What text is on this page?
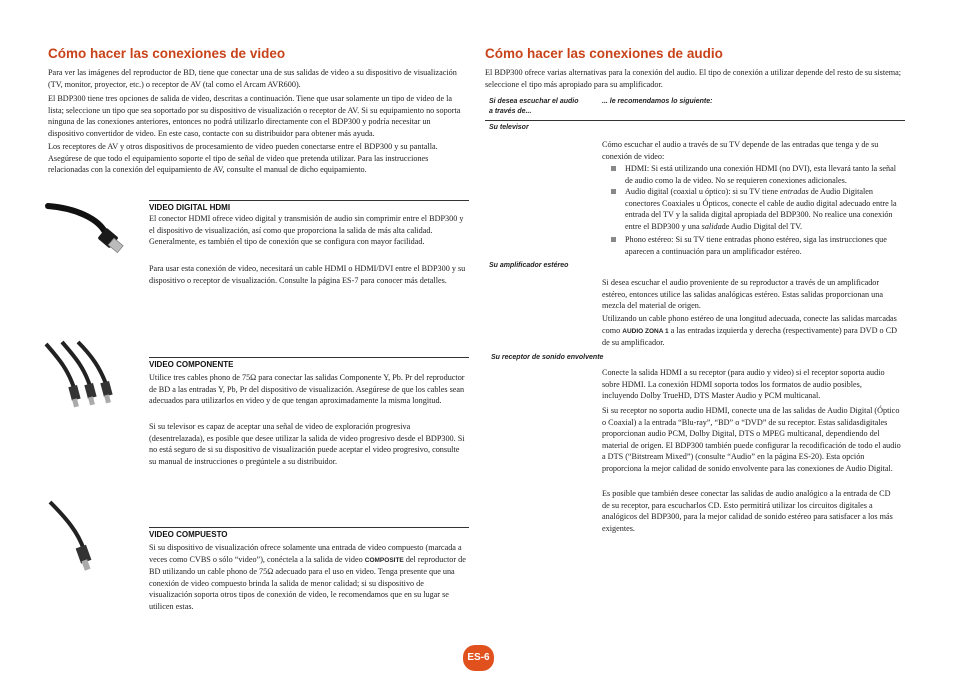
Cómo hacer las conexiones de video

Para ver las imágenes del reproductor de BD, tiene que conectar una de sus salidas de video a su dispositivo de visualización (TV, monitor, proyector, etc.) o receptor de AV (tal como el Arcam AVR600).

El BDP300 tiene tres opciones de salida de video, descritas a continuación. Tiene que usar solamente un tipo de video de la lista; seleccione un tipo que sea soportado por su dispositivo de visualización o receptor de AV. Si su equipamiento no soporta ninguna de las conexiones anteriores, entonces no podrá utilizarlo directamente con el BDP300 y podría necesitar un dispositivo convertidor de video. En este caso, contacte con su distribuidor para obtener más ayuda.

Los receptores de AV y otros dispositivos de procesamiento de video pueden conectarse entre el BDP300 y su pantalla. Asegúrese de que todo el equipamiento soporte el tipo de señal de video que pretenda utilizar. Para las instrucciones relacionadas con la conexión del equipamiento de AV, consulte el manual de dicho equipamiento.

VIDEO DIGITAL HDMI

El conector HDMI ofrece video digital y transmisión de audio sin comprimir entre el BDP300 y el dispositivo de visualización, así como que proporciona la salida de más alta calidad. Generalmente, es también el tipo de conexión que se configura con mayor facilidad.

Para usar esta conexión de video, necesitará un cable HDMI o HDMI/DVI entre el BDP300 y su dispositivo o receptor de visualización. Consulte la página ES-7 para conocer más detalles.

VIDEO COMPONENTE

Utilice tres cables phono de 75Ω para conectar las salidas Componente Y, Pb. Pr del reproductor de BD a las entradas Y, Pb, Pr del dispositivo de visualización. Asegúrese de que los cables sean adecuados para utilizarlos en video y de que tengan aproximadamente la misma longitud.

Si su televisor es capaz de aceptar una señal de video de exploración progresiva (desentrelazada), es posible que desee utilizar la salida de video progresivo desde el BDP300. Si no está seguro de si su dispositivo de visualización puede aceptar el video progresivo, consulte su manual de instrucciones o pregúntele a su distribuidor.

VIDEO COMPUESTO

Si su dispositivo de visualización ofrece solamente una entrada de video compuesto (marcada a veces como CVBS o sólo “video”), conéctela a la salida de video COMPOSITE del reproductor de BD utilizando un cable phono de 75Ω adecuado para el uso en video. Tenga presente que una conexión de video compuesto brinda la salida de menor calidad; si su dispositivo de visualización soporta otros tipos de conexión de video, le recomendamos que en su lugar se utilicen estas.

Cómo hacer las conexiones de audio

El BDP300 ofrece varias alternativas para la conexión del audio. El tipo de conexión a utilizar depende del resto de su sistema; seleccione el tipo más apropiado para su amplificador.

Si desea escuchar el audio a través de...
... le recomendamos lo siguiente:
Su televisor

Cómo escuchar el audio a través de su TV depende de las entradas que tenga y de su conexión de video:

HDMI: Si está utilizando una conexión HDMI (no DVI), esta llevará tanto la señal de audio como la de video. No se requieren conexiones adicionales.
Audio digital (coaxial u óptico): si su TV tiene entradas de Audio Digitalen conectores Coaxiales u Ópticos, conecte el cable de audio digital adecuado entre la entrada del TV y la salida digital apropiada del BDP300. No realice una conexión entre el BDP300 y una salidade Audio Digital del TV.
Phono estéreo: Si su TV tiene entradas phono estéreo, siga las instrucciones que aparecen a continuación para un amplificador estéreo.
Su amplificador estéreo

Si desea escuchar el audio proveniente de su reproductor a través de un amplificador estéreo, entonces utilice las salidas analógicas estéreo. Estas salidas proporcionan una mezcla del material de origen.

Utilizando un cable phono estéreo de una longitud adecuada, conecte las salidas marcadas como AUDIO ZONA 1 a las entradas izquierda y derecha (respectivamente) para DVD o CD de su amplificador.

Su receptor de sonido envolvente

Conecte la salida HDMI a su receptor (para audio y video) si el receptor soporta audio sobre HDMI. La conexión HDMI soporta todos los formatos de audio posibles, incluyendo Dolby TrueHD, DTS Master Audio y PCM multicanal.

Si su receptor no soporta audio HDMI, conecte una de las salidas de Audio Digital (Óptico o Coaxial) a la entrada “Blu-ray”, “BD” o “DVD” de su receptor. Estas salidasdigitales proporcionan audio PCM, Dolby Digital, DTS o MPEG multicanal, dependiendo del material de origen. El BDP300 también puede configurar la recodificación de todo el audio a DTS (“Bitstream Mixed”) (consulte “Audio” en la página ES-20). Esta opción proporciona la mejor calidad de sonido envolvente para las conexiones de Audio Digital.

Es posible que también desee conectar las salidas de audio analógico a la entrada de CD de su receptor, para escucharlos CD. Esto permitirá utilizar los circuitos digitales a analógicos del BDP300, para la mejor calidad de sonido estéreo para satisfacer a los más exigentes.

ES-6
